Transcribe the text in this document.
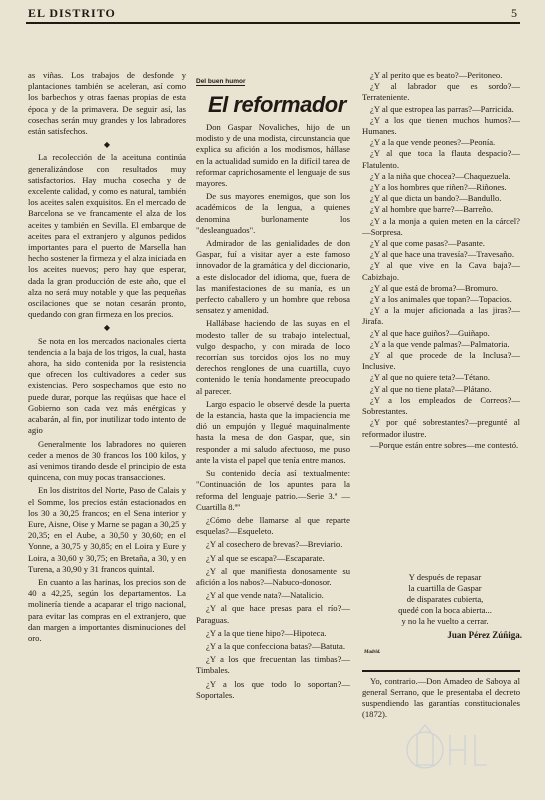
EL DISTRITO	5

as viñas. Los trabajos de desfonde y plantaciones también se aceleran, así como los barbechos y otras faenas propias de esta época y de la primavera. De seguir así, las cosechas serán muy grandes y los labradores están satisfechos.

◆

La recolección de la aceituna continúa generalizándose con resultados muy satisfactorios. Hay mucha cosecha y de excelente calidad, y como es natural, también los aceites salen exquisitos. En el mercado de Barcelona se ve francamente el alza de los aceites y también en Sevilla. El embarque de aceites para el extranjero y algunos pedidos importantes para el puerto de Marsella han hecho sostener la firmeza y el alza iniciada en los aceites nuevos; pero hay que esperar, dada la gran producción de este año, que el alza no será muy notable y que las pequeñas oscilaciones que se notan cesarán pronto, quedando con gran firmeza en los precios.

◆

Se nota en los mercados nacionales cierta tendencia a la baja de los trigos, la cual, hasta ahora, ha sido contenida por la resistencia que ofrecen los cultivadores a ceder sus existencias. Pero sospechamos que esto no puede durar, porque las reqúisas que hace el Gobierno son cada vez más enérgicas y acabarán, al fin, por inutilizar todo intento de agio

Generalmente los labradores no quieren ceder a menos de 30 francos los 100 kilos, y así venimos tirando desde el principio de esta quincena, con muy pocas transacciones.

En los distritos del Norte, Paso de Calais y el Somme, los precios están estacionados en los 30 a 30,25 francos; en el Sena interior y Eure, Aisne, Oise y Marne se pagan a 30,25 y 20,35; en el Aube, a 30,50 y 30,60; en el Yonne, a 30,75 y 30,85; en el Loira y Eure y Loira, a 30,60 y 30,75; en Bretaña, a 30, y en Turena, a 30,90 y 31 francos quintal.

En cuanto a las harinas, los precios son de 40 a 42,25, según los departamentos. La molinería tiende a acaparar el trigo nacional, para evitar las compras en el extranjero, que dan margen a importantes disminuciones del oro.

Del buen humor
El reformador

Don Gaspar Novaliches, hijo de un modisto y de una modista, circunstancia que explica su afición a los modismos, hállase en la actualidad sumido en la difícil tarea de reformar caprichosamente el lenguaje de sus mayores.

De sus mayores enemigos, que son los académicos de la lengua, a quienes denomina burlonamente los "desleanguados".

Admirador de las genialidades de don Gaspar, fuí a visitar ayer a este famoso innovador de la gramática y del diccionario, a este dislocador del idioma, que, fuera de las manifestaciones de su manía, es un perfecto caballero y un hombre que rebosa sensatez y amenidad.

Hallábase haciendo de las suyas en el modesto taller de su trabajo intelectual, vulgo despacho, y con mirada de loco recorrían sus torcidos ojos los no muy derechos renglones de una cuartilla, cuyo contenido le tenía hondamente preocupado al parecer.

Largo espacio le observé desde la puerta de la estancia, hasta que la impaciencia me dió un empujón y llegué maquinalmente hasta la mesa de don Gaspar, que, sin responder a mi saludo afectuoso, me puso ante la vista el papel que tenía entre manos.

Su contenido decía así textualmente: "Continuación de los apuntes para la reforma del lenguaje patrio.—Serie 3.ª —Cuartilla 8.ª"

¿Cómo debe llamarse al que reparte esquelas?—Esqueleto.

¿Y al cosechero de brevas?—Breviario.

¿Y al que se escapa?—Escaparate.

¿Y al que manifiesta donosamente su afición a los nabos?—Nabuco-donosor.

¿Y al que vende nata?—Natalicio.

¿Y al que hace presas para el río?—Paraguas.

¿Y a la que tiene hipo?—Hipoteca.

¿Y a la que confecciona batas?—Batuta.

¿Y a los que frecuentan las timbas?—Timbales.

¿Y a los que todo lo soportan?—Soportales.

¿Y al perito que es beato?—Peritoneo.

¿Y al labrador que es sordo?—Terrateniente.

¿Y al que estropea las parras?—Parricida.

¿Y a los que tienen muchos humos?—Humanes.

¿Y a la que vende peones?—Peonía.

¿Y al que toca la flauta despacio?—Flatulento.

¿Y a la niña que chocea?—Chaquezuela.

¿Y a los hombres que riñen?—Riñones.

¿Y al que dicta un bando?—Bandullo.

¿Y al hombre que barre?—Barreño.

¿Y a la monja a quien meten en la cárcel?—Sorpresa.

¿Y al que come pasas?—Pasante.

¿Y al que hace una travesía?—Travesaño.

¿Y al que vive en la Cava baja?—Cabizbajo.

¿Y al que está de broma?—Bromuro.

¿Y a los animales que topan?—Topacios.

¿Y a la mujer aficionada a las jiras?—Jirafa.

¿Y al que hace guiños?—Guiñapo.

¿Y a la que vende palmas?—Palmatoria.

¿Y al que procede de la Inclusa?—Inclusive.

¿Y al que no quiere teta?—Tétano.

¿Y al que no tiene plata?—Plátano.

¿Y a los empleados de Correos?—Sobrestantes.

¿Y por qué sobrestantes?—pregunté al reformador ilustre.

—Porque están entre sobres—me contestó.

Y después de repasar
la cuartilla de Gaspar
de disparates cubierta,
quedé con la boca abierta...
y no la he vuelto a cerrar.
Juan Pérez Zúñiga.
Madrid.
Yo, contrario.—Don Amadeo de Saboya al general Serrano, que le presentaba el decreto suspendiendo las garantías constitucionales (1872).
